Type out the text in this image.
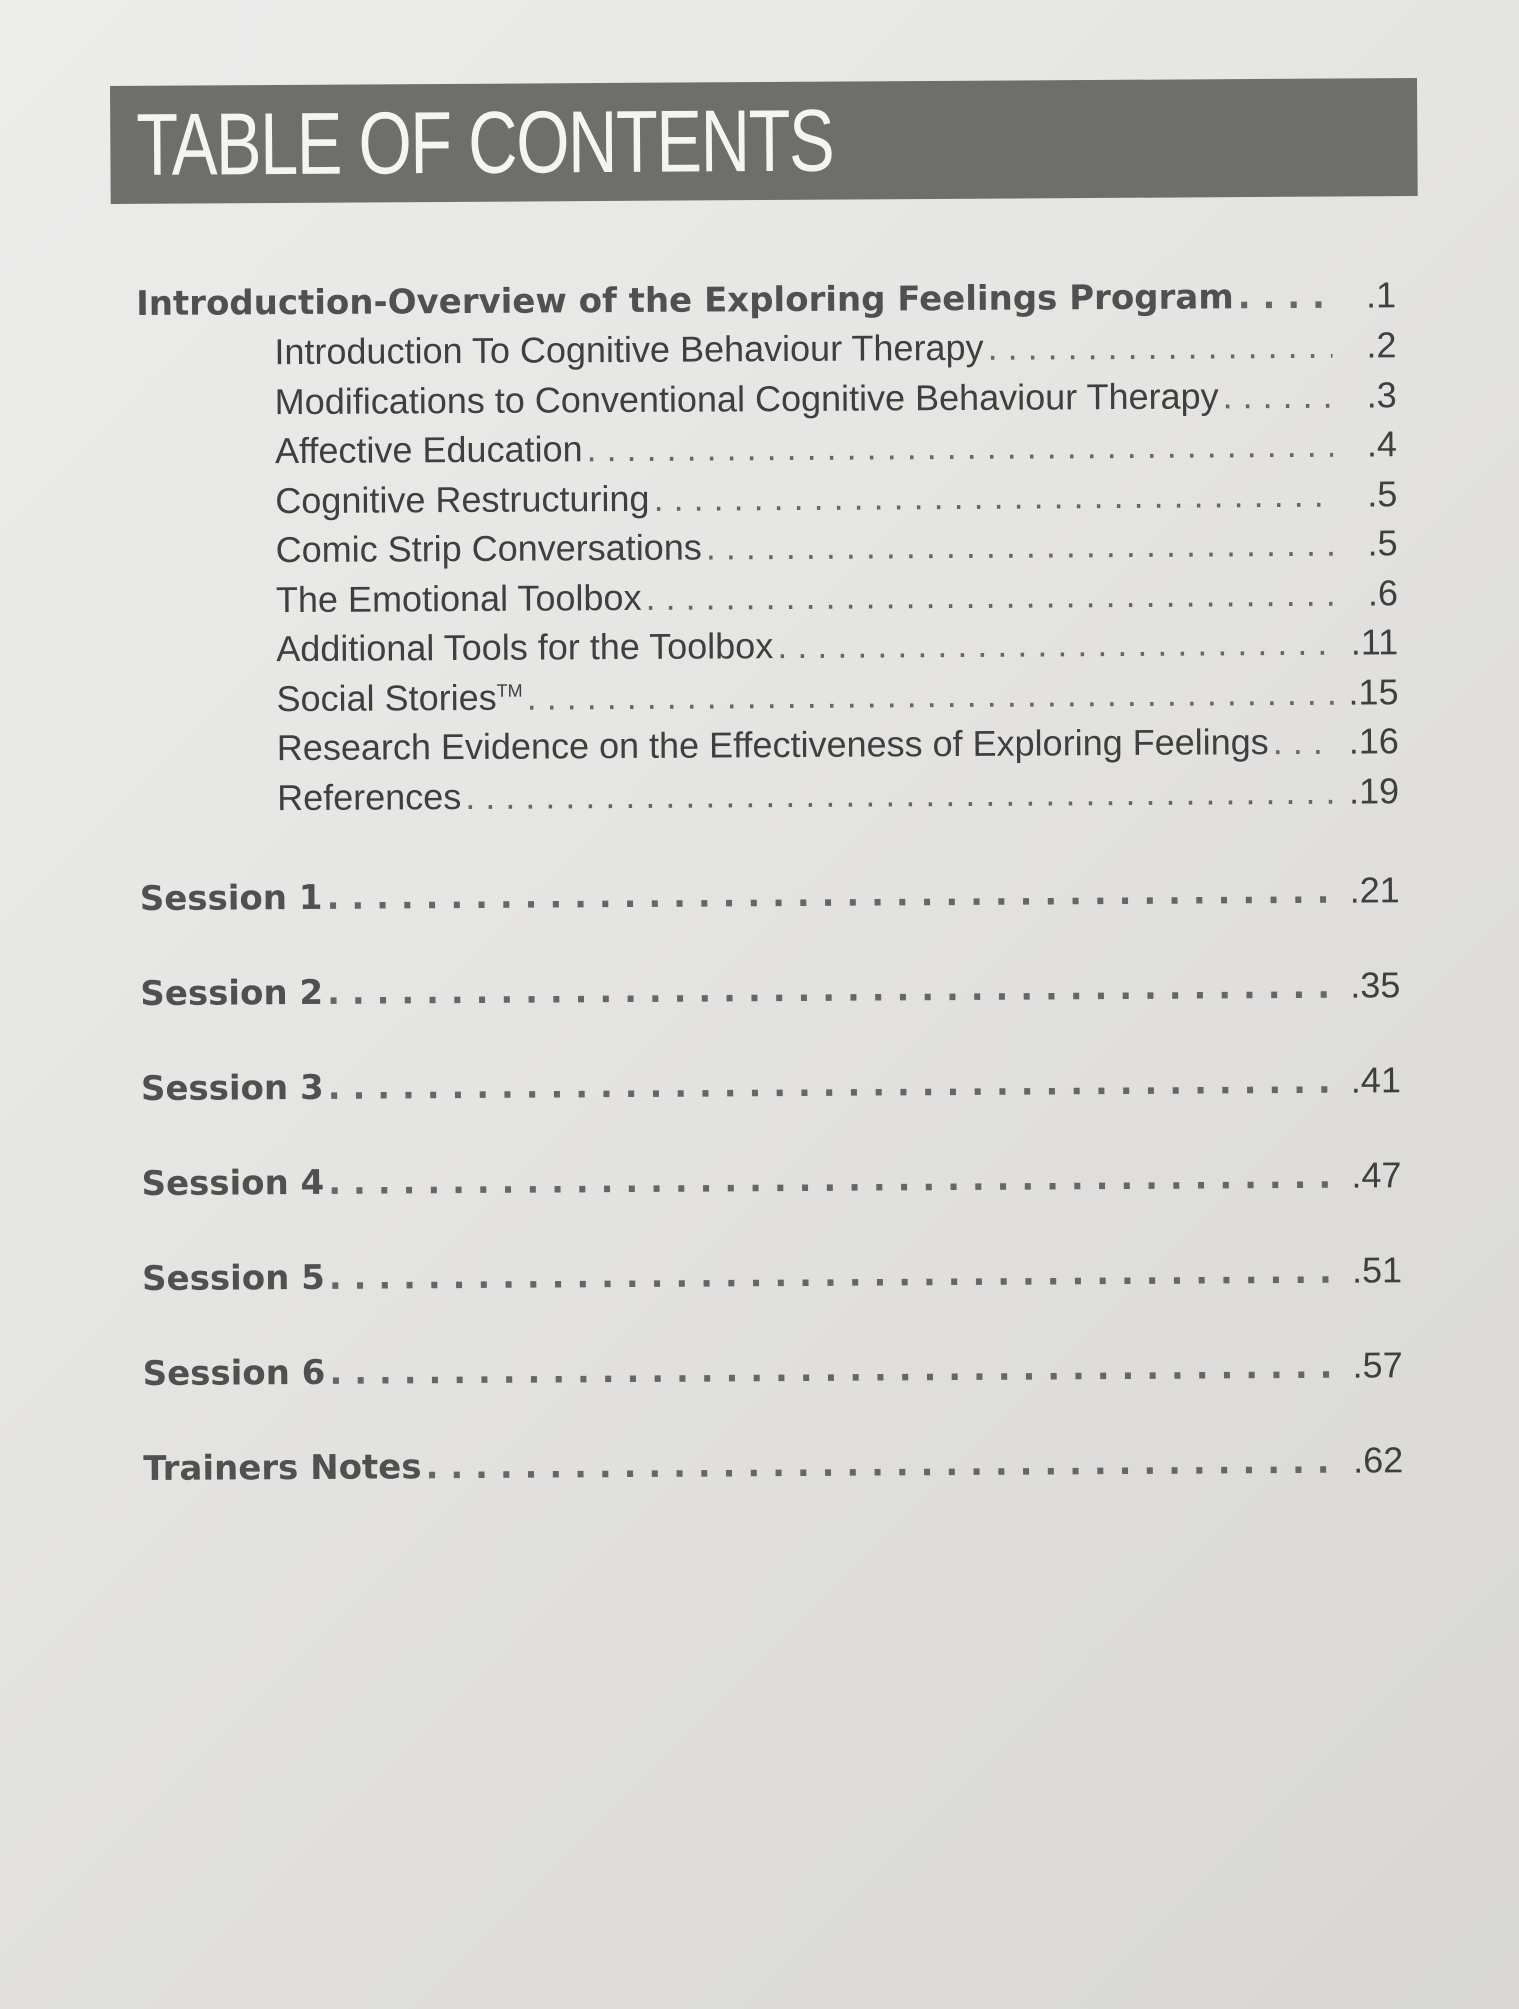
TABLE OF CONTENTS
Introduction-Overview of the Exploring Feelings Program . . .	.1
Introduction To Cognitive Behaviour Therapy . . .	.2
Modifications to Conventional Cognitive Behaviour Therapy . . .	.3
Affective Education . . .	.4
Cognitive Restructuring . . .	.5
Comic Strip Conversations . . .	.5
The Emotional Toolbox . . .	.6
Additional Tools for the Toolbox . . .	.11
Social Stories™ . . .	.15
Research Evidence on the Effectiveness of Exploring Feelings . . . .16
References . . .	.19
Session 1 . . .	.21
Session 2 . . .	.35
Session 3 . . .	.41
Session 4 . . .	.47
Session 5 . . .	.51
Session 6 . . .	.57
Trainers Notes . . .	.62
